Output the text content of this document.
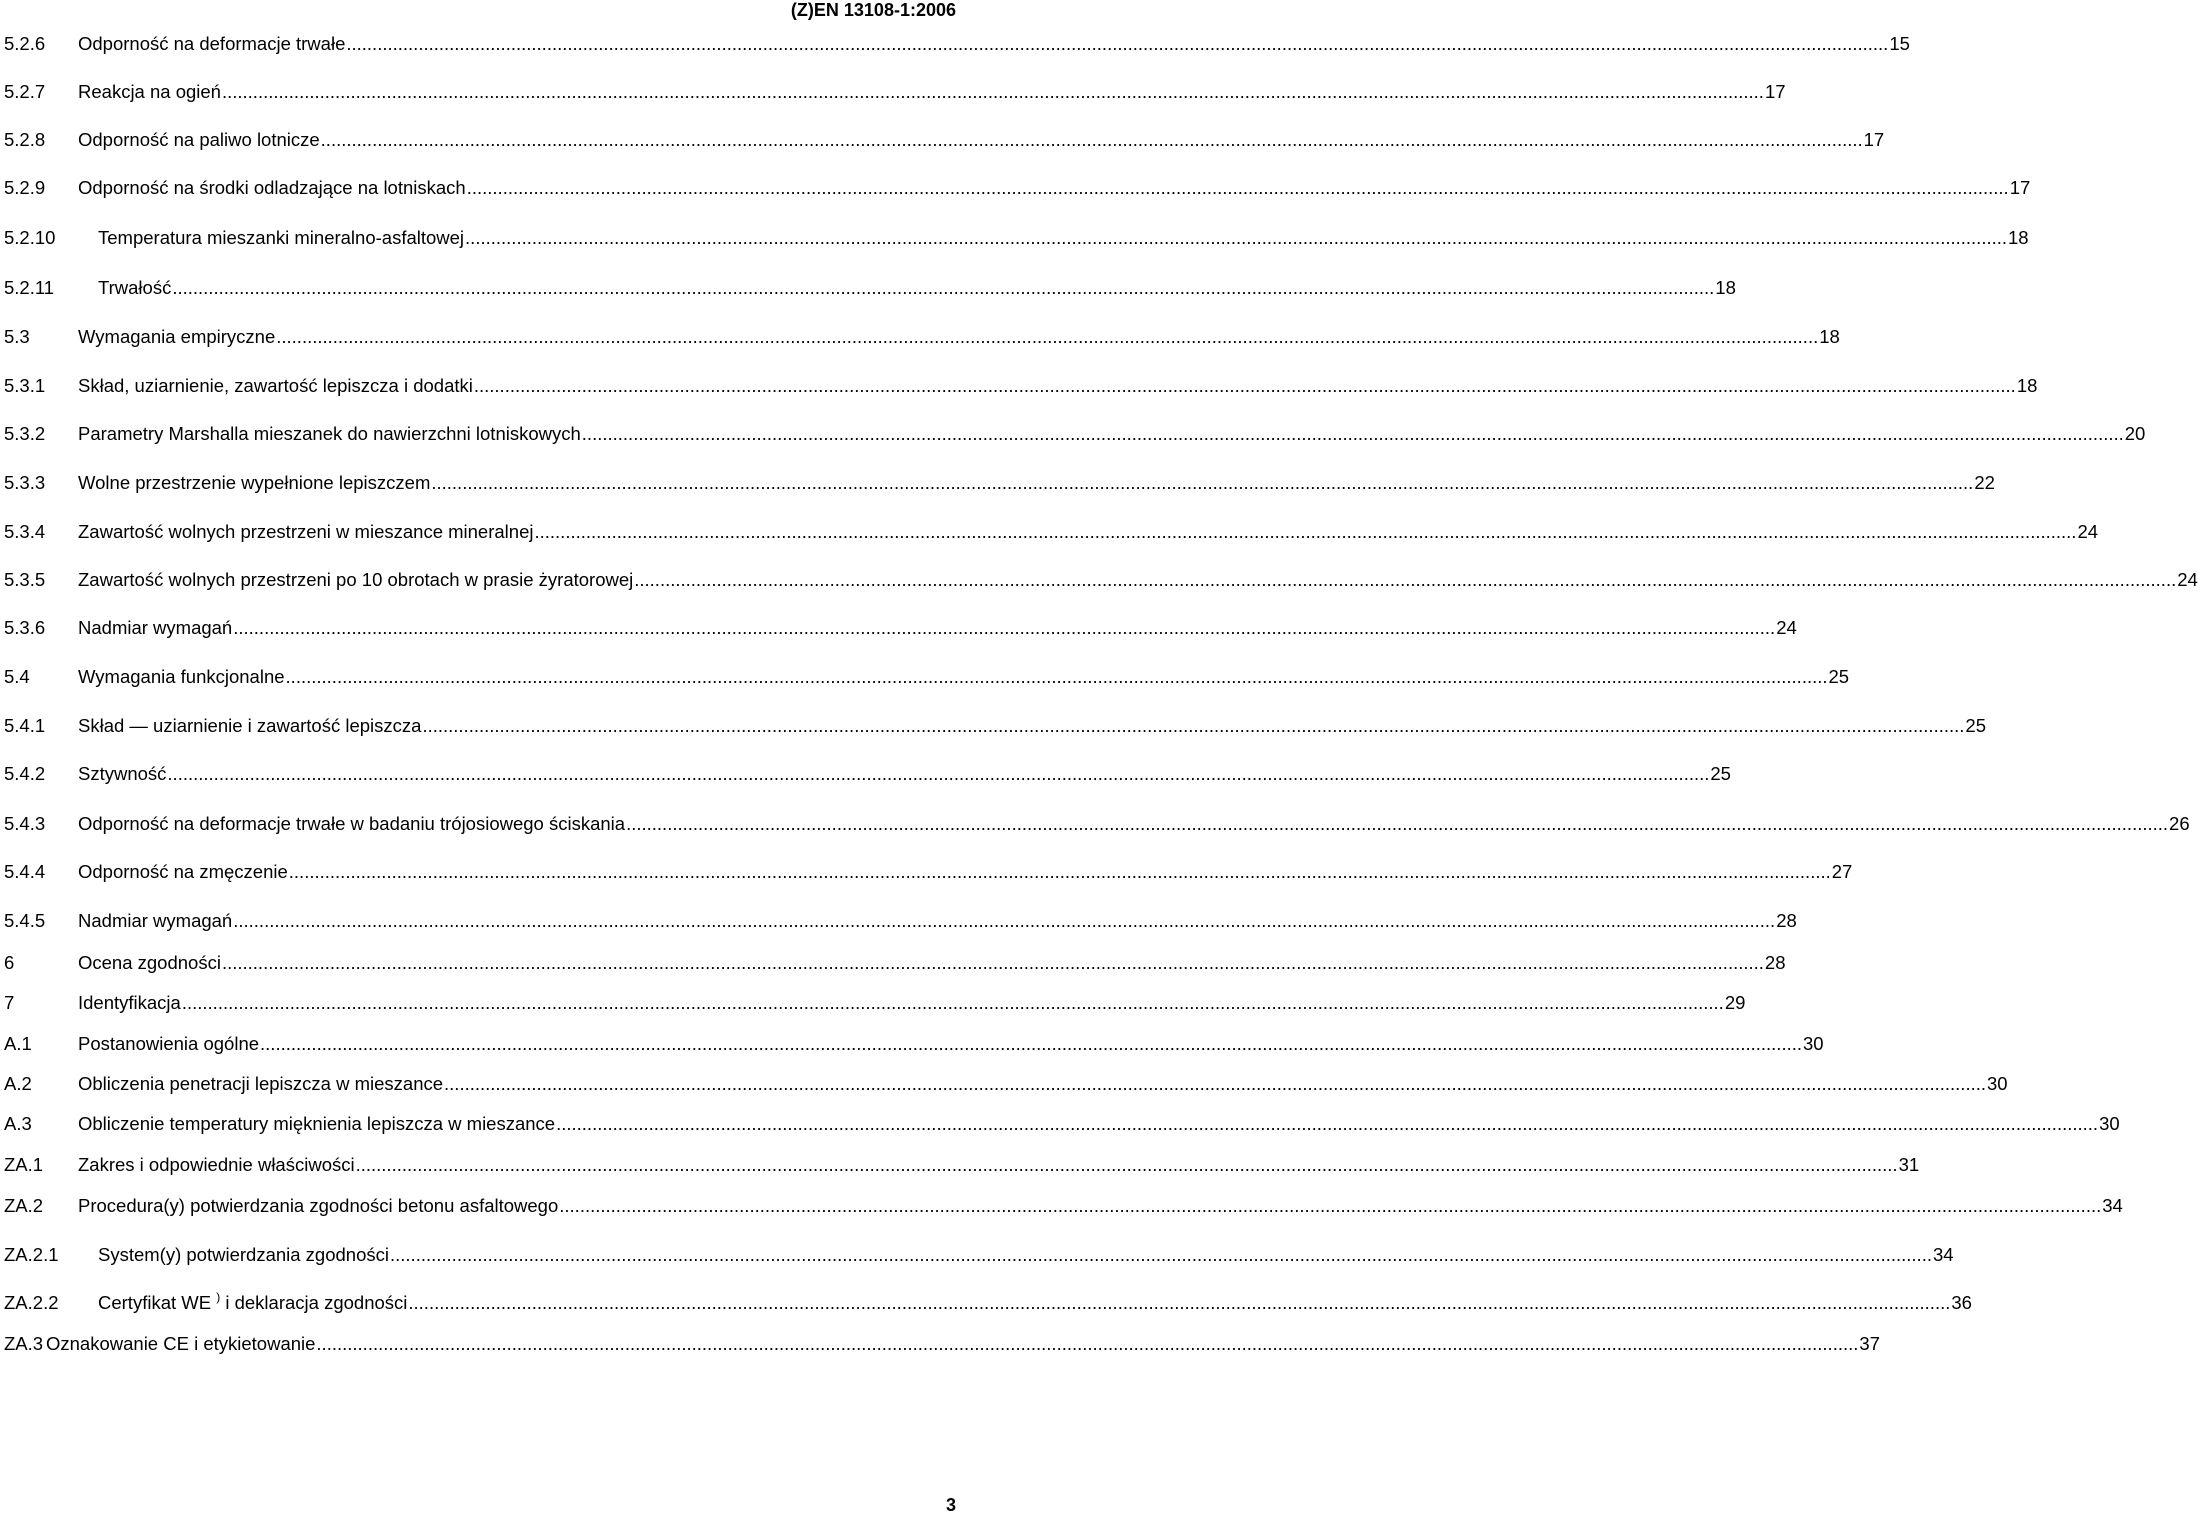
(Z)EN 13108-1:2006
5.2.6 Odporność na deformacje trwałe ............................................................................................................................................................................................................................................................................................................ 15
5.2.7 Reakcja na ogień ............................................................................................................................................................................................................................................................................................................ 17
5.2.8 Odporność na paliwo lotnicze ............................................................................................................................................................................................................................................................................................................ 17
5.2.9 Odporność na środki odladzające na lotniskach ............................................................................................................................................................................................................................................................................................................ 17
5.2.10 Temperatura mieszanki mineralno-asfaltowej ............................................................................................................................................................................................................................................................................................................ 18
5.2.11 Trwałość ............................................................................................................................................................................................................................................................................................................ 18
5.3	Wymagania empiryczne ............................................................................................................................................................................................................................................................................................................ 18
5.3.1 Skład, uziarnienie, zawartość lepiszcza i dodatki ............................................................................................................................................................................................................................................................................................................ 18
5.3.2 Parametry Marshalla mieszanek do nawierzchni lotniskowych ............................................................................................................................................................................................................................................................................................................ 20
5.3.3 Wolne przestrzenie wypełnione lepiszczem ............................................................................................................................................................................................................................................................................................................ 22
5.3.4 Zawartość wolnych przestrzeni w mieszance mineralnej ............................................................................................................................................................................................................................................................................................................ 24
5.3.5 Zawartość wolnych przestrzeni po 10 obrotach w prasie żyratorowej ............................................................................................................................................................................................................................................................................................................ 24
5.3.6 Nadmiar wymagań ............................................................................................................................................................................................................................................................................................................ 24
5.4	Wymagania funkcjonalne ............................................................................................................................................................................................................................................................................................................ 25
5.4.1 Skład — uziarnienie i zawartość lepiszcza ............................................................................................................................................................................................................................................................................................................ 25
5.4.2 Sztywność ............................................................................................................................................................................................................................................................................................................ 25
5.4.3 Odporność na deformacje trwałe w badaniu trójosiowego ściskania ............................................................................................................................................................................................................................................................................................................ 26
5.4.4 Odporność na zmęczenie ............................................................................................................................................................................................................................................................................................................ 27
5.4.5 Nadmiar wymagań ............................................................................................................................................................................................................................................................................................................ 28
6	Ocena zgodności ............................................................................................................................................................................................................................................................................................................ 28
7	Identyfikacja ............................................................................................................................................................................................................................................................................................................ 29
A.1 Postanowienia ogólne ............................................................................................................................................................................................................................................................................................................ 30
A.2 Obliczenia penetracji lepiszcza w mieszance ............................................................................................................................................................................................................................................................................................................ 30
A.3 Obliczenie temperatury mięknienia lepiszcza w mieszance ............................................................................................................................................................................................................................................................................................................ 30
ZA.1 Zakres i odpowiednie właściwości ............................................................................................................................................................................................................................................................................................................ 31
ZA.2 Procedura(y) potwierdzania zgodności betonu asfaltowego ............................................................................................................................................................................................................................................................................................................ 34
ZA.2.1 System(y) potwierdzania zgodności ............................................................................................................................................................................................................................................................................................................ 34
ZA.2.2 Certyfikat WE ) i deklaracja zgodności ............................................................................................................................................................................................................................................................................................................ 36
ZA.3 Oznakowanie CE i etykietowanie ............................................................................................................................................................................................................................................................................................................ 37
3
